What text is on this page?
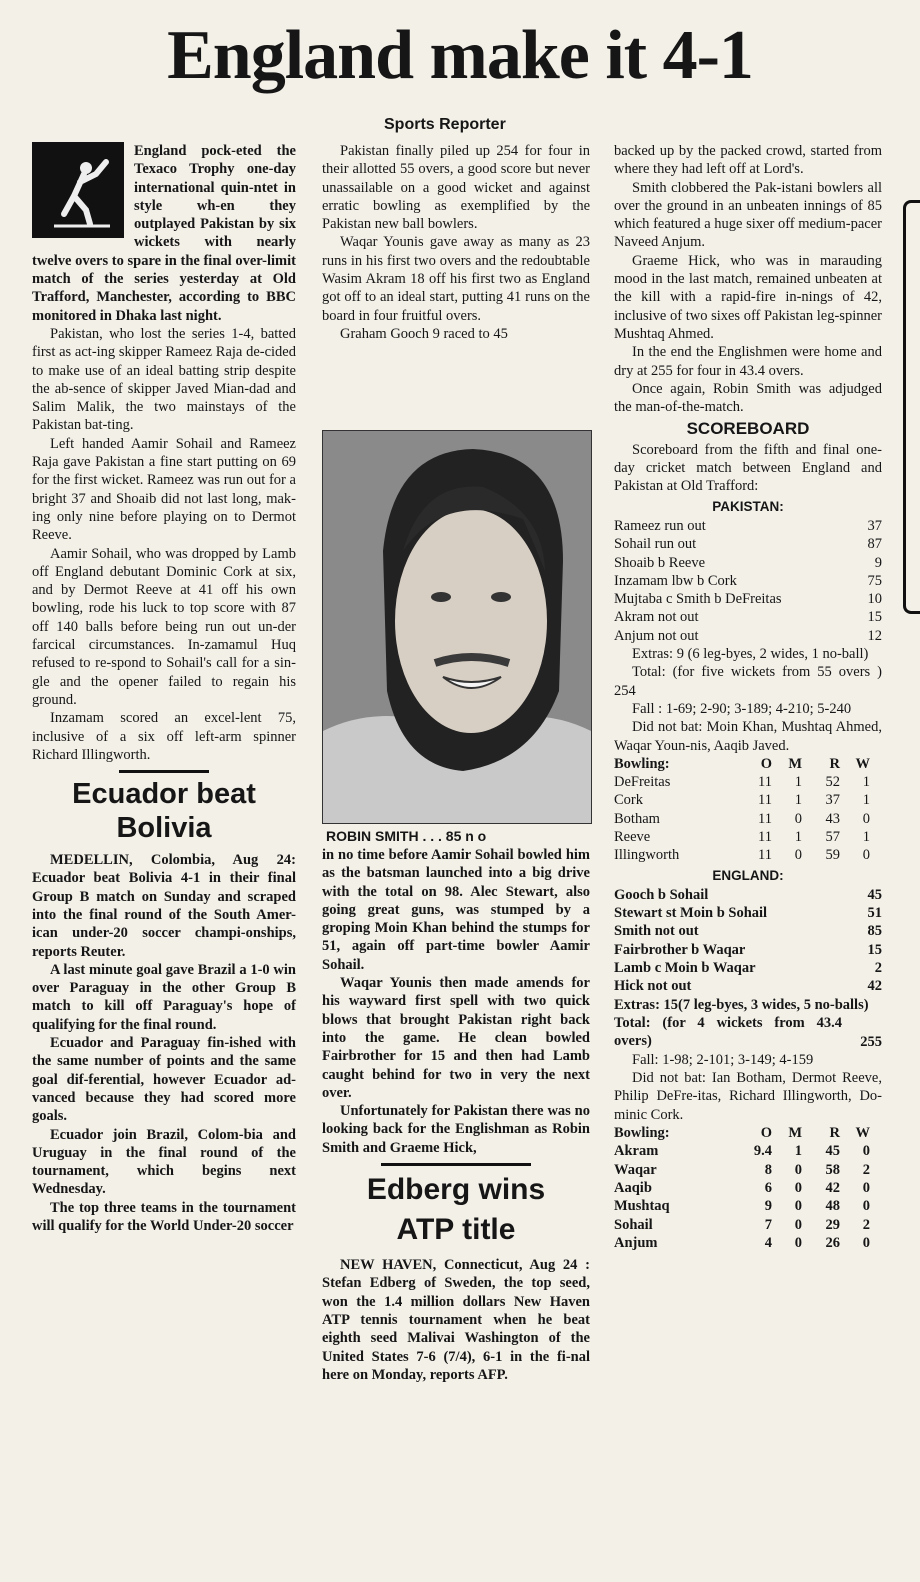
England make it 4-1
Sports Reporter

England pock-eted the Texaco Trophy one-day international quin-ntet in style wh-en they outplayed Pakistan by six wickets with nearly twelve overs to spare in the final over-limit match of the series yesterday at Old Trafford, Manchester, according to BBC monitored in Dhaka last night.

Pakistan, who lost the series 1-4, batted first as act-ing skipper Rameez Raja de-cided to make use of an ideal batting strip despite the ab-sence of skipper Javed Mian-dad and Salim Malik, the two mainstays of the Pakistan bat-ting.

Left handed Aamir Sohail and Rameez Raja gave Pakistan a fine start putting on 69 for the first wicket. Rameez was run out for a bright 37 and Shoaib did not last long, mak-ing only nine before playing on to Dermot Reeve.

Aamir Sohail, who was dropped by Lamb off England debutant Dominic Cork at six, and by Dermot Reeve at 41 off his own bowling, rode his luck to top score with 87 off 140 balls before being run out un-der farcical circumstances. In-zamamul Huq refused to re-spond to Sohail's call for a sin-gle and the opener failed to regain his ground.

Inzamam scored an excel-lent 75, inclusive of a six off left-arm spinner Richard Illingworth.

Ecuador beat Bolivia

MEDELLIN, Colombia, Aug 24: Ecuador beat Bolivia 4-1 in their final Group B match on Sunday and scraped into the final round of the South Amer-ican under-20 soccer champi-onships, reports Reuter.

A last minute goal gave Brazil a 1-0 win over Paraguay in the other Group B match to kill off Paraguay's hope of qualifying for the final round.

Ecuador and Paraguay fin-ished with the same number of points and the same goal dif-ferential, however Ecuador ad-vanced because they had scored more goals.

Ecuador join Brazil, Colom-bia and Uruguay in the final round of the tournament, which begins next Wednesday.

The top three teams in the tournament will qualify for the World Under-20 soccer

Pakistan finally piled up 254 for four in their allotted 55 overs, a good score but never unassailable on a good wicket and against erratic bowling as exemplified by the Pakistan new ball bowlers.

Waqar Younis gave away as many as 23 runs in his first two overs and the redoubtable Wasim Akram 18 off his first two as England got off to an ideal start, putting 41 runs on the board in four fruitful overs.

Graham Gooch 9 raced to 45

ROBIN SMITH . . . 85 n o

in no time before Aamir Sohail bowled him as the batsman launched into a big drive with the total on 98. Alec Stewart, also going great guns, was stumped by a groping Moin Khan behind the stumps for 51, again off part-time bowler Aamir Sohail.

Waqar Younis then made amends for his wayward first spell with two quick blows that brought Pakistan right back into the game. He clean bowled Fairbrother for 15 and then had Lamb caught behind for two in very the next over.

Unfortunately for Pakistan there was no looking back for the Englishman as Robin Smith and Graeme Hick,

Edberg wins ATP title

NEW HAVEN, Connecticut, Aug 24 : Stefan Edberg of Sweden, the top seed, won the 1.4 million dollars New Haven ATP tennis tournament when he beat eighth seed Malivai Washington of the United States 7-6 (7/4), 6-1 in the fi-nal here on Monday, reports AFP.

backed up by the packed crowd, started from where they had left off at Lord's.

Smith clobbered the Pak-istani bowlers all over the ground in an unbeaten innings of 85 which featured a huge sixer off medium-pacer Naveed Anjum.

Graeme Hick, who was in marauding mood in the last match, remained unbeaten at the kill with a rapid-fire in-nings of 42, inclusive of two sixes off Pakistan leg-spinner Mushtaq Ahmed.

In the end the Englishmen were home and dry at 255 for four in 43.4 overs.

Once again, Robin Smith was adjudged the man-of-the-match.

SCOREBOARD

Scoreboard from the fifth and final one-day cricket match between England and Pakistan at Old Trafford:

PAKISTAN:
Rameez run out	37
Sohail run out	87
Shoaib b Reeve	9
Inzamam lbw b Cork	75
Mujtaba c Smith b DeFreitas	10
Akram not out	15
Anjum not out	12

Extras: 9 (6 leg-byes, 2 wides, 1 no-ball)

Total: (for five wickets from 55 overs ) 254

Fall : 1-69; 2-90; 3-189; 4-210; 5-240

Did not bat: Moin Khan, Mushtaq Ahmed, Waqar Youn-nis, Aaqib Javed.

Bowling:	O	M	R	W
DeFreitas	11	1	52	1
Cork	11	1	37	1
Botham	11	0	43	0
Reeve	11	1	57	1
Illingworth	11	0	59	0
ENGLAND:
Gooch b Sohail	45
Stewart st Moin b Sohail	51
Smith not out	85
Fairbrother b Waqar	15
Lamb c Moin b Waqar	2
Hick not out	42

Extras: 15(7 leg-byes, 3 wides, 5 no-balls)

Total: (for 4 wickets from 43.4 overs)	255

Fall: 1-98; 2-101; 3-149; 4-159

Did not bat: Ian Botham, Dermot Reeve, Philip DeFre-itas, Richard Illingworth, Do-minic Cork.

Bowling:	O	M	R	W
Akram	9.4	1	45	0
Waqar	8	0	58	2
Aaqib	6	0	42	0
Mushtaq	9	0	48	0
Sohail	7	0	29	2
Anjum	4	0	26	0
